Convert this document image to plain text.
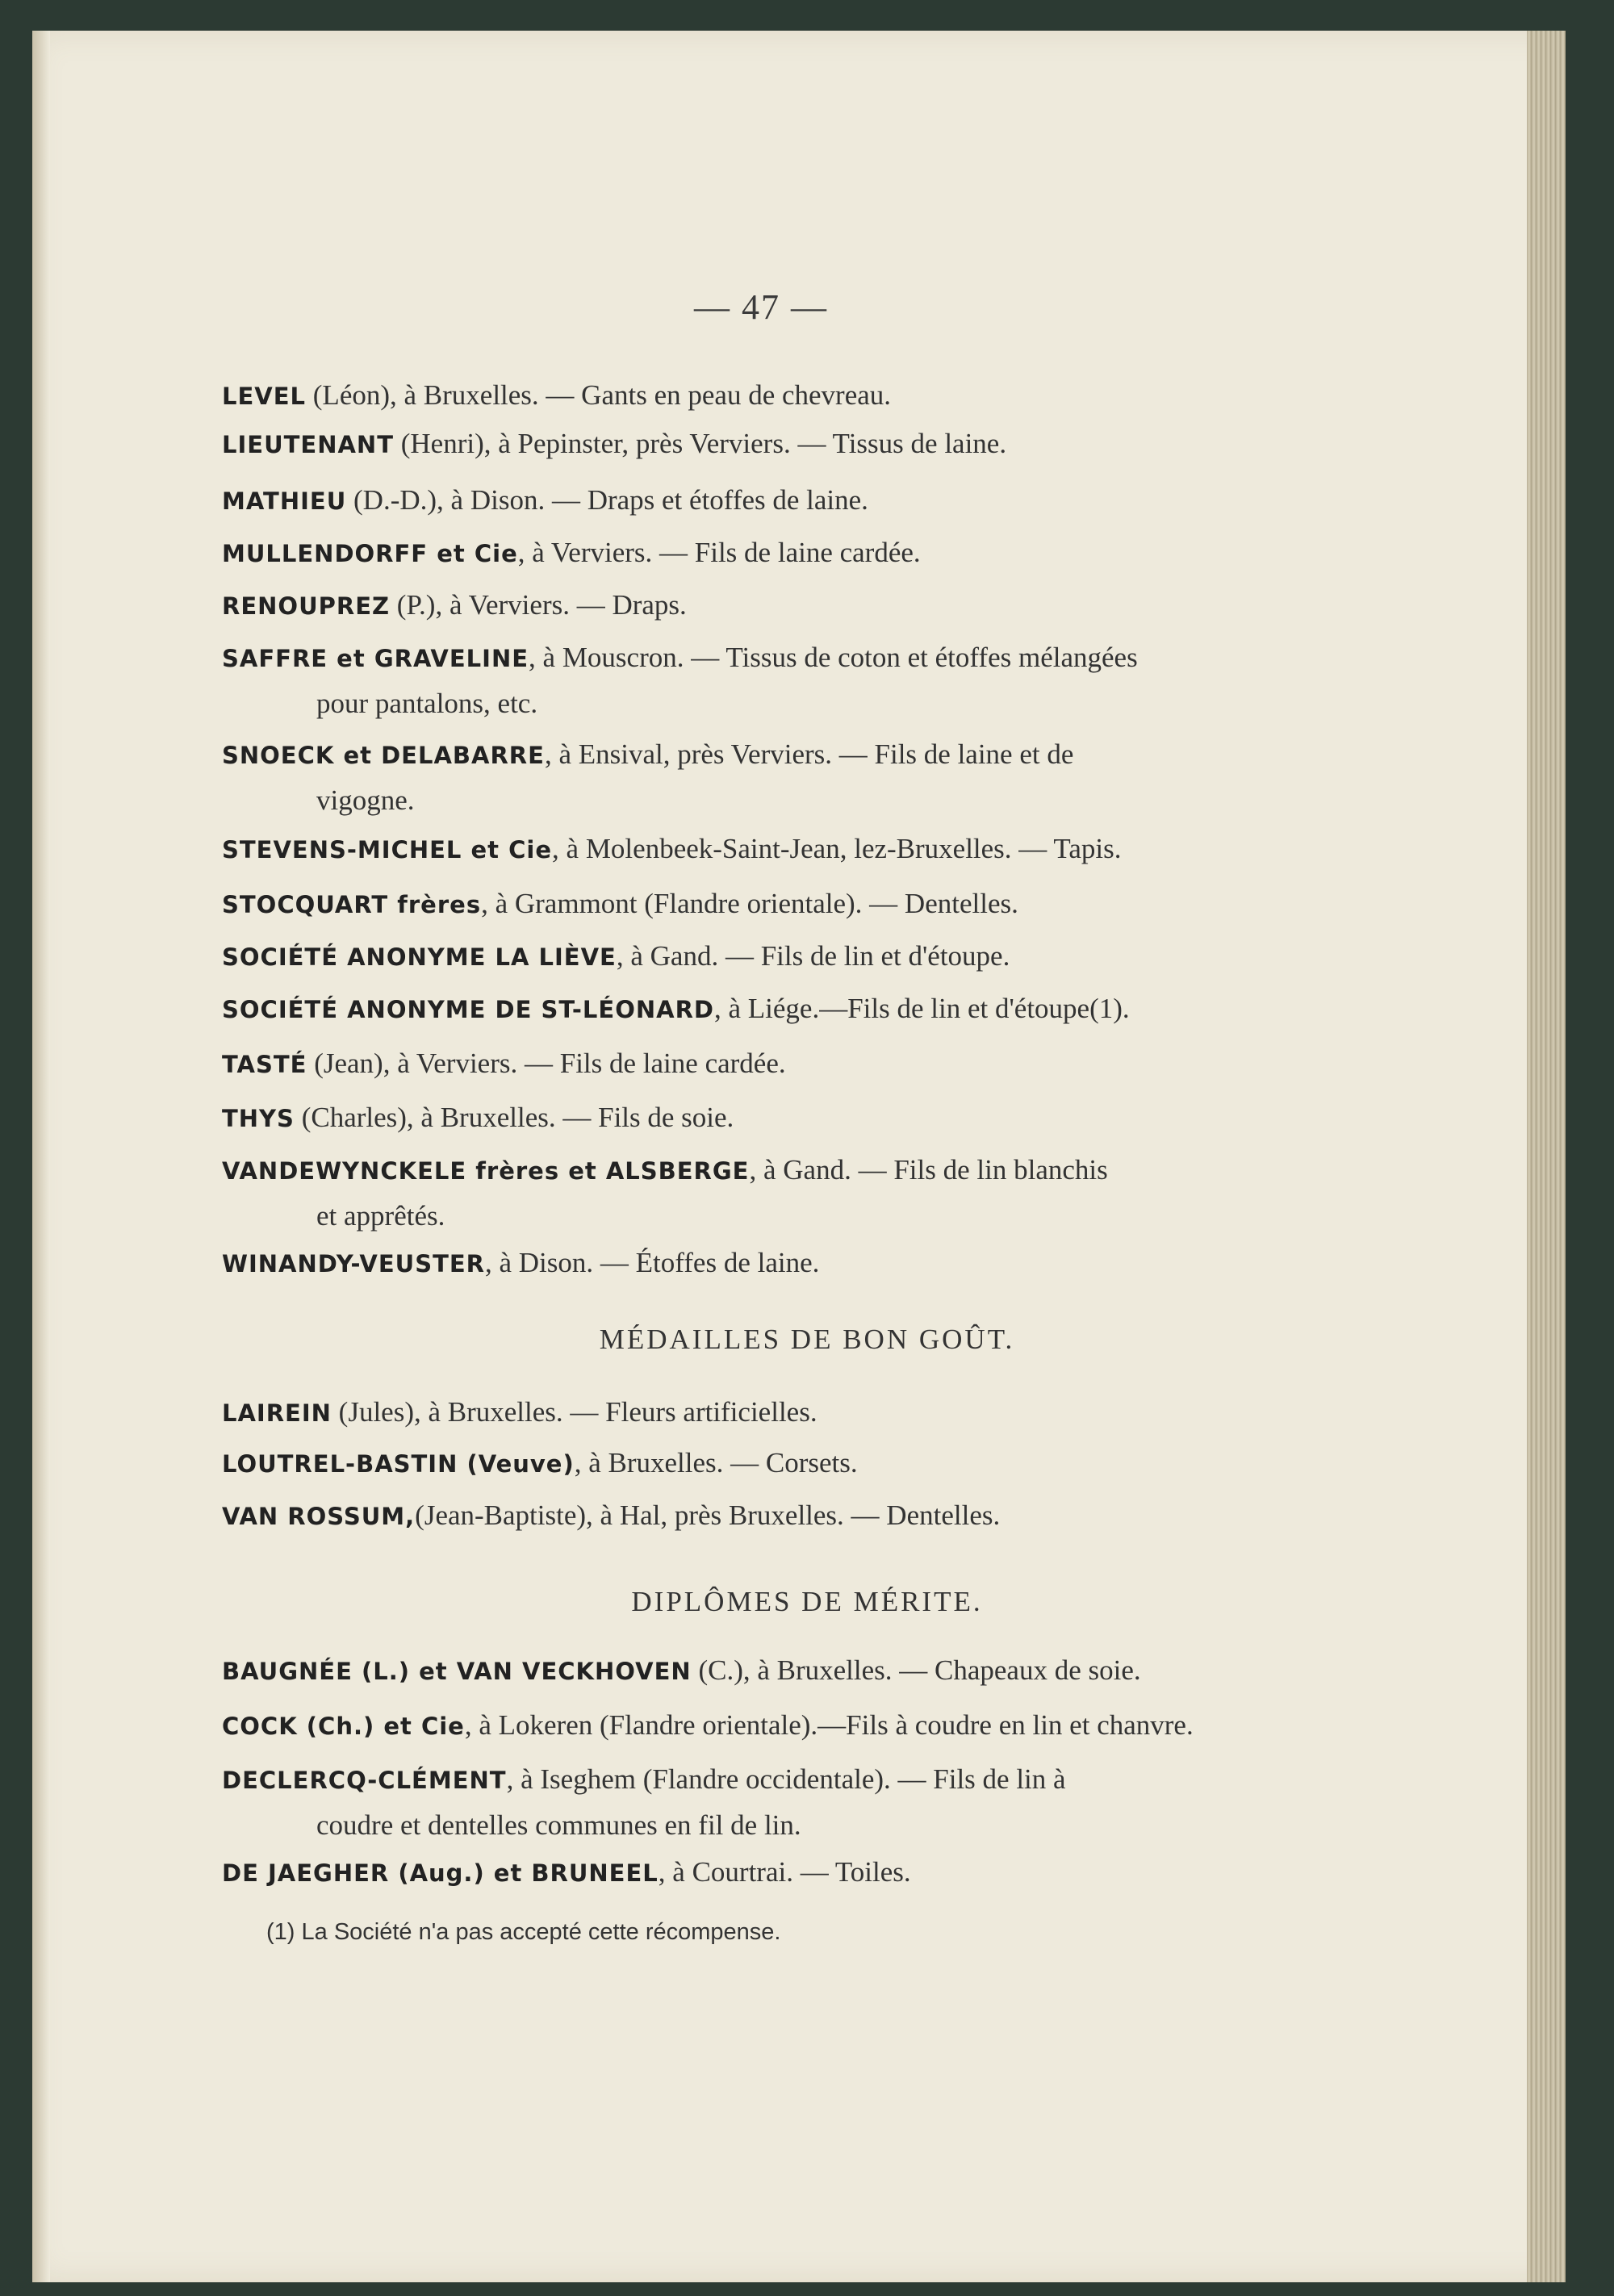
— 47 —
LEVEL (Léon), à Bruxelles. — Gants en peau de chevreau.
LIEUTENANT (Henri), à Pepinster, près Verviers. — Tissus de laine.
MATHIEU (D.-D.), à Dison. — Draps et étoffes de laine.
MULLENDORFF et Cie, à Verviers. — Fils de laine cardée.
RENOUPREZ (P.), à Verviers. — Draps.
SAFFRE et GRAVELINE, à Mouscron. — Tissus de coton et étoffes mélangées
pour pantalons, etc.
SNOECK et DELABARRE, à Ensival, près Verviers. — Fils de laine et de
vigogne.
STEVENS-MICHEL et Cie, à Molenbeek-Saint-Jean, lez-Bruxelles. — Tapis.
STOCQUART frères, à Grammont (Flandre orientale). — Dentelles.
SOCIÉTÉ ANONYME LA LIÈVE, à Gand. — Fils de lin et d'étoupe.
SOCIÉTÉ ANONYME DE ST-LÉONARD, à Liége.—Fils de lin et d'étoupe(1).
TASTÉ (Jean), à Verviers. — Fils de laine cardée.
THYS (Charles), à Bruxelles. — Fils de soie.
VANDEWYNCKELE frères et ALSBERGE, à Gand. — Fils de lin blanchis
et apprêtés.
WINANDY-VEUSTER, à Dison. — Étoffes de laine.
MÉDAILLES DE BON GOÛT.
LAIREIN (Jules), à Bruxelles. — Fleurs artificielles.
LOUTREL-BASTIN (Veuve), à Bruxelles. — Corsets.
VAN ROSSUM,(Jean-Baptiste), à Hal, près Bruxelles. — Dentelles.
DIPLÔMES DE MÉRITE.
BAUGNÉE (L.) et VAN VECKHOVEN (C.), à Bruxelles. — Chapeaux de soie.
COCK (Ch.) et Cie, à Lokeren (Flandre orientale).—Fils à coudre en lin et chanvre.
DECLERCQ-CLÉMENT, à Iseghem (Flandre occidentale). — Fils de lin à
coudre et dentelles communes en fil de lin.
DE JAEGHER (Aug.) et BRUNEEL, à Courtrai. — Toiles.
(1) La Société n'a pas accepté cette récompense.
